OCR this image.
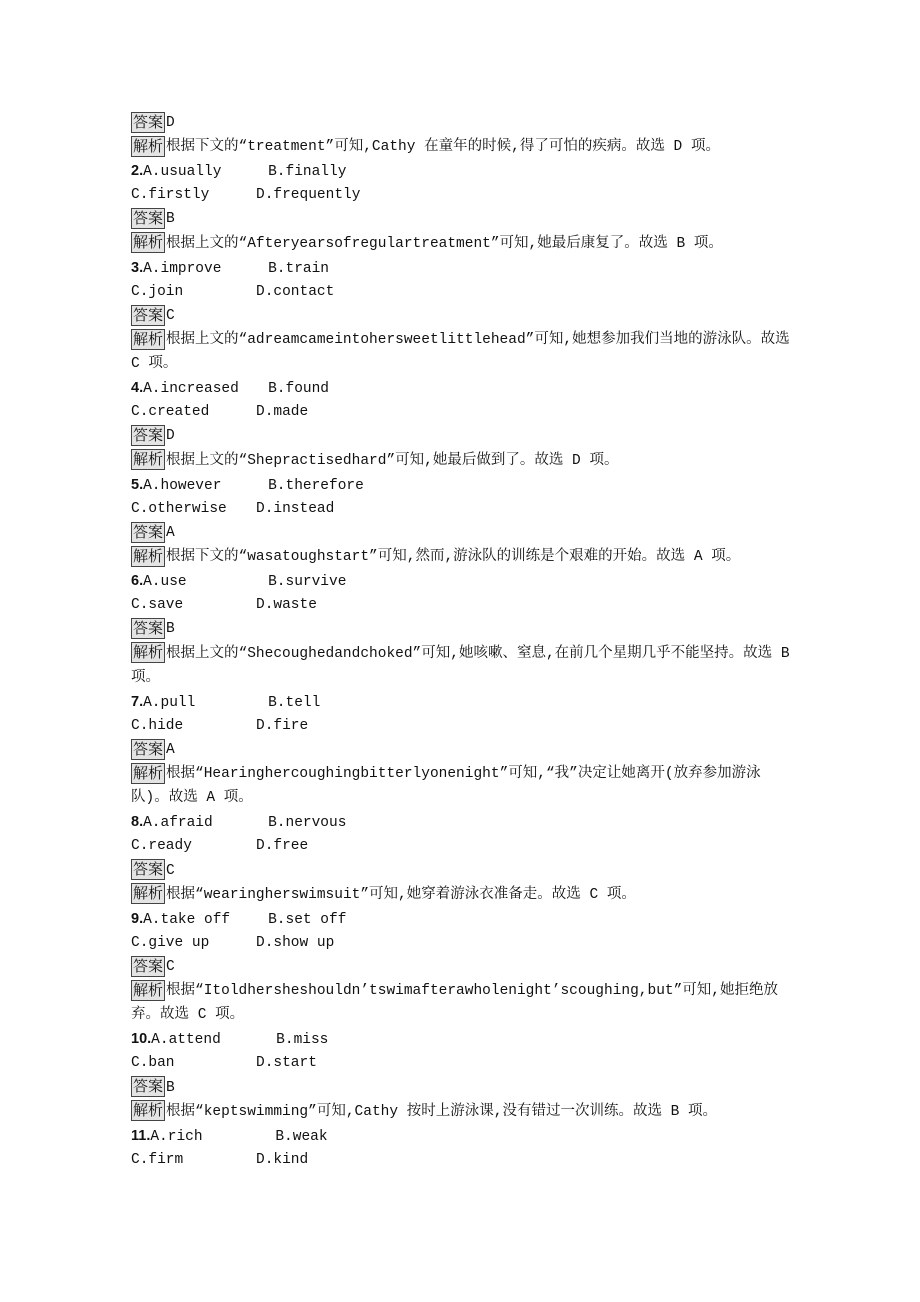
答案 D
解析 根据下文的“treatment”可知,Cathy 在童年的时候,得了可怕的疾病。故选 D 项。
2.A.usually	B.finally
C.firstly	D.frequently
答案 B
解析 根据上文的“Afteryearsofregulartreatment”可知,她最后康复了。故选 B 项。
3.A.improve	B.train
C.join	D.contact
答案 C
解析 根据上文的“adreamcameintohersweetlittlehead”可知,她想参加我们当地的游泳队。故选 C 项。
4.A.increased B.found
C.created	D.made
答案 D
解析 根据上文的“Shepractisedhard”可知,她最后做到了。故选 D 项。
5.A.however	B.therefore
C.otherwise D.instead
答案 A
解析 根据下文的“wasatoughstart”可知,然而,游泳队的训练是个艰难的开始。故选 A 项。
6.A.use	B.survive
C.save	D.waste
答案 B
解析 根据上文的“Shecoughedandchoked”可知,她咳嗽、窒息,在前几个星期几乎不能坚持。故选 B 项。
7.A.pull	B.tell
C.hide	D.fire
答案 A
解析 根据“Hearinghercoughingbitterlyonenight”可知,“我”决定让她离开(放弃参加游泳队)。故选 A 项。
8.A.afraid	B.nervous
C.ready	D.free
答案 C
解析 根据“wearingherswimsuit”可知,她穿着游泳衣准备走。故选 C 项。
9.A.take off	B.set off
C.give up	D.show up
答案 C
解析 根据“Itoldhersheshouldn’tswimafterawholenight’scoughing,but”可知,她拒绝放弃。故选 C 项。
10.A.attend	B.miss
C.ban	D.start
答案 B
解析 根据“keptswimming”可知,Cathy 按时上游泳课,没有错过一次训练。故选 B 项。
11.A.rich	B.weak
C.firm	D.kind
